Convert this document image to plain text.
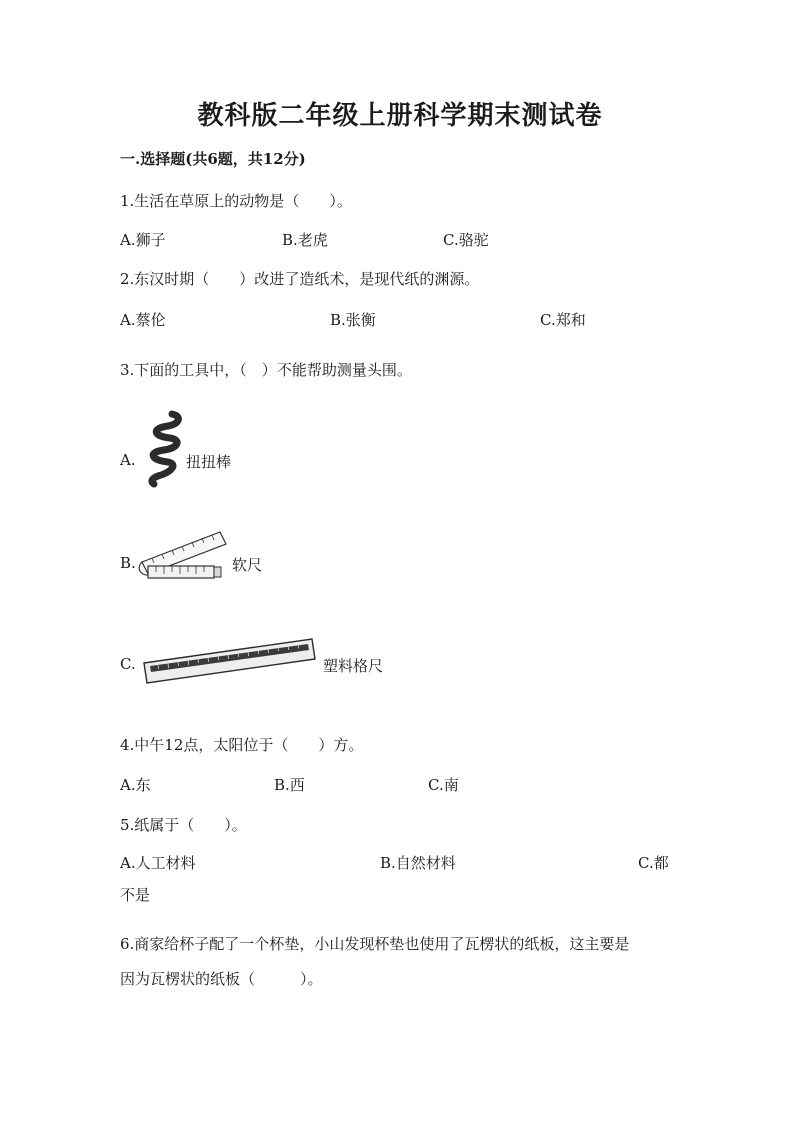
教科版二年级上册科学期末测试卷
一.选择题(共6题，共12分)
1.生活在草原上的动物是（　　）。
A.狮子	B.老虎	C.骆驼
2.东汉时期（　　）改进了造纸术，是现代纸的渊源。
A.蔡伦	B.张衡	C.郑和
3.下面的工具中，（　）不能帮助测量头围。
A.	扭扭棒
B.	软尺
C.	塑料格尺
4.中午12点，太阳位于（　　）方。
A.东	B.西	C.南
5.纸属于（　　）。
A.人工材料	B.自然材料	C.都
不是
6.商家给杯子配了一个杯垫，小山发现杯垫也使用了瓦楞状的纸板，这主要是
因为瓦楞状的纸板（　　　）。
